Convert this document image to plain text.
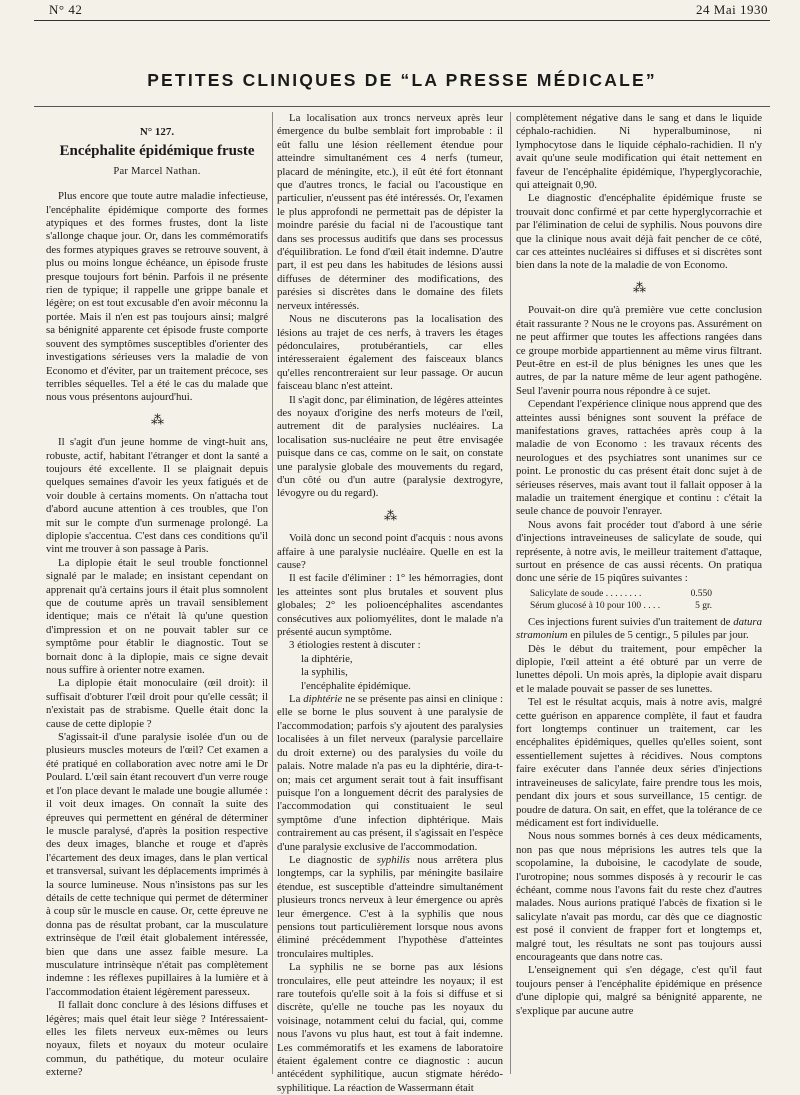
N° 42	24 Mai 1930
PETITES CLINIQUES DE “LA PRESSE MÉDICALE”
N° 127.
Encéphalite épidémique fruste
Par Marcel Nathan.

Plus encore que toute autre maladie infectieuse, l'encéphalite épidémique comporte des formes atypiques et des formes frustes, dont la liste s'allonge chaque jour. Or, dans les commémoratifs des formes atypiques graves se retrouve souvent, à plus ou moins longue échéance, un épisode fruste presque toujours fort bénin. Parfois il ne présente rien de typique; il rappelle une grippe banale et légère; on est tout excusable d'en avoir méconnu la portée. Mais il n'en est pas toujours ainsi; malgré sa bénignité apparente cet épisode fruste comporte souvent des symptômes susceptibles d'orienter des investigations sérieuses vers la maladie de von Economo et d'éviter, par un traitement précoce, ses terribles séquelles. Tel a été le cas du malade que nous vous présentons aujourd'hui.

⁂

Il s'agit d'un jeune homme de vingt-huit ans, robuste, actif, habitant l'étranger et dont la santé a toujours été excellente. Il se plaignait depuis quelques semaines d'avoir les yeux fatigués et de voir double à certains moments. On n'attacha tout d'abord aucune attention à ces troubles, que l'on mit sur le compte d'un surmenage prolongé. La diplopie s'accentua. C'est dans ces conditions qu'il vint me trouver à son passage à Paris.

La diplopie était le seul trouble fonctionnel signalé par le malade; en insistant cependant on apprenait qu'à certains jours il était plus somnolent que de coutume après un travail sensiblement identique; mais ce n'était là qu'une question d'impression et on ne pouvait tabler sur ce symptôme pour établir le diagnostic. Tout se bornait donc à la diplopie, mais ce signe devait nous suffire à orienter notre examen.

La diplopie était monoculaire (œil droit): il suffisait d'obturer l'œil droit pour qu'elle cessât; il n'existait pas de strabisme. Quelle était donc la cause de cette diplopie ?

S'agissait-il d'une paralysie isolée d'un ou de plusieurs muscles moteurs de l'œil? Cet examen a été pratiqué en collaboration avec notre ami le Dr Poulard. L'œil sain étant recouvert d'un verre rouge et l'on place devant le malade une bougie allumée : il voit deux images. On connaît la suite des épreuves qui permettent en général de déterminer le muscle paralysé, d'après la position respective des deux images, blanche et rouge et d'après l'écartement des deux images, dans le plan vertical et transversal, suivant les déplacements imprimés à la source lumineuse. Nous n'insistons pas sur les détails de cette technique qui permet de déterminer à coup sûr le muscle en cause. Or, cette épreuve ne donna pas de résultat probant, car la musculature extrinsèque de l'œil était globalement intéressée, bien que dans une assez faible mesure. La musculature intrinsèque n'était pas complètement indemne : les réflexes pupillaires à la lumière et à l'accommodation étaient légèrement paresseux.

Il fallait donc conclure à des lésions diffuses et légères; mais quel était leur siège ? Intéressaient-elles les filets nerveux eux-mêmes ou leurs noyaux, filets et noyaux du moteur oculaire commun, du pathétique, du moteur oculaire externe?

La localisation aux troncs nerveux après leur émergence du bulbe semblait fort improbable : il eût fallu une lésion réellement étendue pour atteindre simultanément ces 4 nerfs (tumeur, placard de méningite, etc.), il eût été fort étonnant que d'autres troncs, le facial ou l'acoustique en particulier, n'eussent pas été intéressés. Or, l'examen le plus approfondi ne permettait pas de dépister la moindre parésie du facial ni de l'acoustique tant dans ses processus auditifs que dans ses processus d'équilibration. Le fond d'œil était indemne. D'autre part, il est peu dans les habitudes de lésions aussi diffuses de déterminer des modifications, des parésies si discrètes dans le domaine des filets nerveux intéressés.

Nous ne discuterons pas la localisation des lésions au trajet de ces nerfs, à travers les étages pédonculaires, protubérantiels, car elles intéresseraient également des faisceaux blancs qu'elles rencontreraient sur leur passage. Or aucun faisceau blanc n'est atteint.

Il s'agit donc, par élimination, de légères atteintes des noyaux d'origine des nerfs moteurs de l'œil, autrement dit de paralysies nucléaires. La localisation sus-nucléaire ne peut être envisagée puisque dans ce cas, comme on le sait, on constate une paralysie globale des mouvements du regard, d'un côté ou d'un autre (paralysie dextrogyre, lévogyre ou du regard).

⁂

Voilà donc un second point d'acquis : nous avons affaire à une paralysie nucléaire. Quelle en est la cause?

Il est facile d'éliminer : 1° les hémorragies, dont les atteintes sont plus brutales et souvent plus globales; 2° les polioencéphalites ascendantes consécutives aux poliomyélites, dont le malade n'a présenté aucun symptôme.

3 étiologies restent à discuter :

la diphtérie,
la syphilis,
l'encéphalite épidémique.

La diphtérie ne se présente pas ainsi en clinique : elle se borne le plus souvent à une paralysie de l'accommodation; parfois s'y ajoutent des paralysies localisées à un filet nerveux (paralysie parcellaire du droit externe) ou des paralysies du voile du palais. Notre malade n'a pas eu la diphtérie, dira-t-on; mais cet argument serait tout à fait insuffisant puisque l'on a longuement décrit des paralysies de l'accommodation qui constituaient le seul symptôme d'une infection diphtérique. Mais contrairement au cas présent, il s'agissait en l'espèce d'une paralysie exclusive de l'accommodation.

Le diagnostic de syphilis nous arrêtera plus longtemps, car la syphilis, par méningite basilaire étendue, est susceptible d'atteindre simultanément plusieurs troncs nerveux à leur émergence ou après leur émergence. C'est à la syphilis que nous pensions tout particulièrement lorsque nous avons éliminé précédemment l'hypothèse d'atteintes tronculaires multiples.

La syphilis ne se borne pas aux lésions tronculaires, elle peut atteindre les noyaux; il est rare toutefois qu'elle soit à la fois si diffuse et si discrète, qu'elle ne touche pas les noyaux du voisinage, notamment celui du facial, qui, comme nous l'avons vu plus haut, est tout à fait indemne. Les commémoratifs et les examens de laboratoire étaient également contre ce diagnostic : aucun antécédent syphilitique, aucun stigmate hérédo-syphilitique. La réaction de Wassermann était

complètement négative dans le sang et dans le liquide céphalo-rachidien. Ni hyperalbuminose, ni lymphocytose dans le liquide céphalo-rachidien. Il n'y avait qu'une seule modification qui était nettement en faveur de l'encéphalite épidémique, l'hyperglycorachie, qui atteignait 0,90.

Le diagnostic d'encéphalite épidémique fruste se trouvait donc confirmé et par cette hyperglycorrachie et par l'élimination de celui de syphilis. Nous pouvons dire que la clinique nous avait déjà fait pencher de ce côté, car ces atteintes nucléaires si diffuses et si discrètes sont bien dans la note de la maladie de von Economo.

⁂

Pouvait-on dire qu'à première vue cette conclusion était rassurante ? Nous ne le croyons pas. Assurément on ne peut affirmer que toutes les affections rangées dans ce groupe morbide appartiennent au même virus filtrant. Peut-être en est-il de plus bénignes les unes que les autres, de par la nature même de leur agent pathogène. Seul l'avenir pourra nous répondre à ce sujet.

Cependant l'expérience clinique nous apprend que des atteintes aussi bénignes sont souvent la préface de manifestations graves, rattachées après coup à la maladie de von Economo : les travaux récents des neurologues et des psychiatres sont unanimes sur ce point. Le pronostic du cas présent était donc sujet à de sérieuses réserves, mais avant tout il fallait opposer à la maladie un traitement énergique et continu : c'était la seule chance de pouvoir l'enrayer.

Nous avons fait procéder tout d'abord à une série d'injections intraveineuses de salicylate de soude, qui représente, à notre avis, le meilleur traitement d'attaque, surtout en présence de cas aussi récents. On pratiqua donc une série de 15 piqûres suivantes :

Salicylate de soude . . . . . . . .	0.550
Sérum glucosé à 10 pour 100 . . . .	5 gr.

Ces injections furent suivies d'un traitement de datura stramonium en pilules de 5 centigr., 5 pilules par jour.

Dès le début du traitement, pour empêcher la diplopie, l'œil atteint a été obturé par un verre de lunettes dépoli. Un mois après, la diplopie avait disparu et le malade pouvait se passer de ses lunettes.

Tel est le résultat acquis, mais à notre avis, malgré cette guérison en apparence complète, il faut et faudra fort longtemps continuer un traitement, car les encéphalites épidémiques, quelles qu'elles soient, sont essentiellement sujettes à récidives. Nous comptons faire exécuter dans l'année deux séries d'injections intraveineuses de salicylate, faire prendre tous les mois, pendant dix jours et sous surveillance, 15 centigr. de poudre de datura. On sait, en effet, que la tolérance de ce médicament est fort individuelle.

Nous nous sommes bornés à ces deux médicaments, non pas que nous méprisions les autres tels que la scopolamine, la duboisine, le cacodylate de soude, l'urotropine; nous sommes disposés à y recourir le cas échéant, comme nous l'avons fait du reste chez d'autres malades. Nous aurions pratiqué l'abcès de fixation si le salicylate n'avait pas mordu, car dès que ce diagnostic est posé il convient de frapper fort et longtemps et, malgré tout, les résultats ne sont pas toujours aussi encourageants que dans notre cas.

L'enseignement qui s'en dégage, c'est qu'il faut toujours penser à l'encéphalite épidémique en présence d'une diplopie qui, malgré sa bénignité apparente, ne s'explique par aucune autre
